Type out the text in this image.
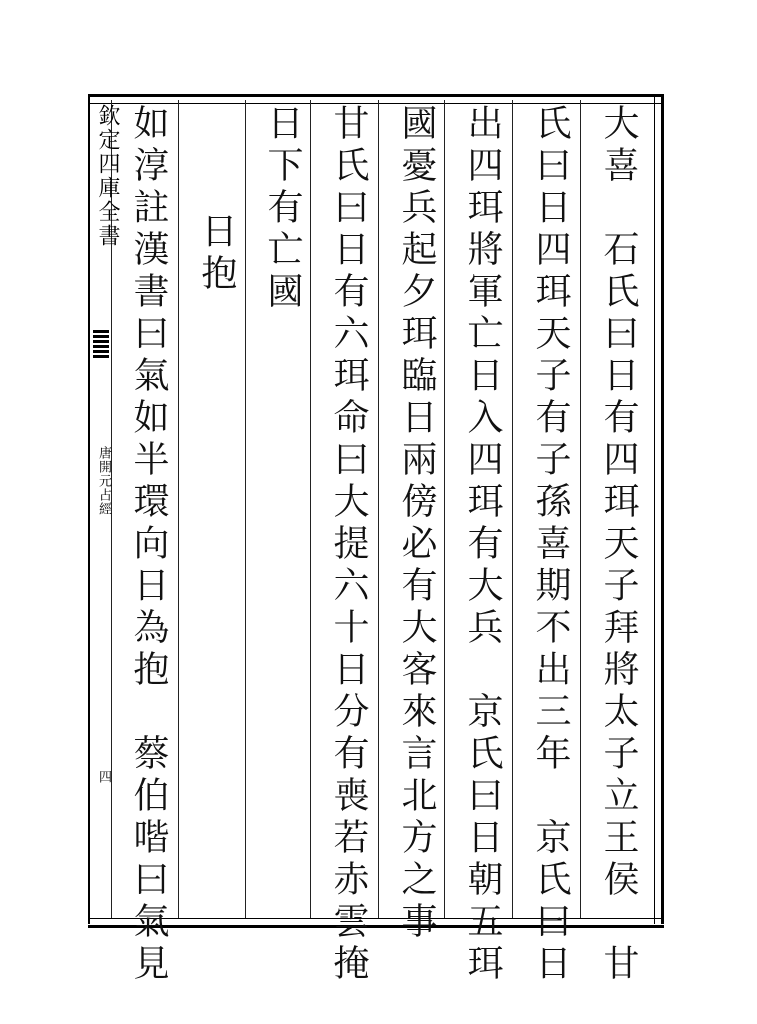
欽定四庫全書
唐開元占經
四	大喜　石氏曰日有四珥天子拜將太子立王侯　甘
氏曰日四珥天子有子孫喜期不出三年　京氏曰日
出四珥將軍亡日入四珥有大兵　京氏曰日朝五珥
國憂兵起夕珥臨日兩傍必有大客來言北方之事
甘氏曰日有六珥命曰大提六十日分有喪若赤雲掩
日下有亡國
　日抱
如淳註漢書曰氣如半環向日為抱　蔡伯喈曰氣見
